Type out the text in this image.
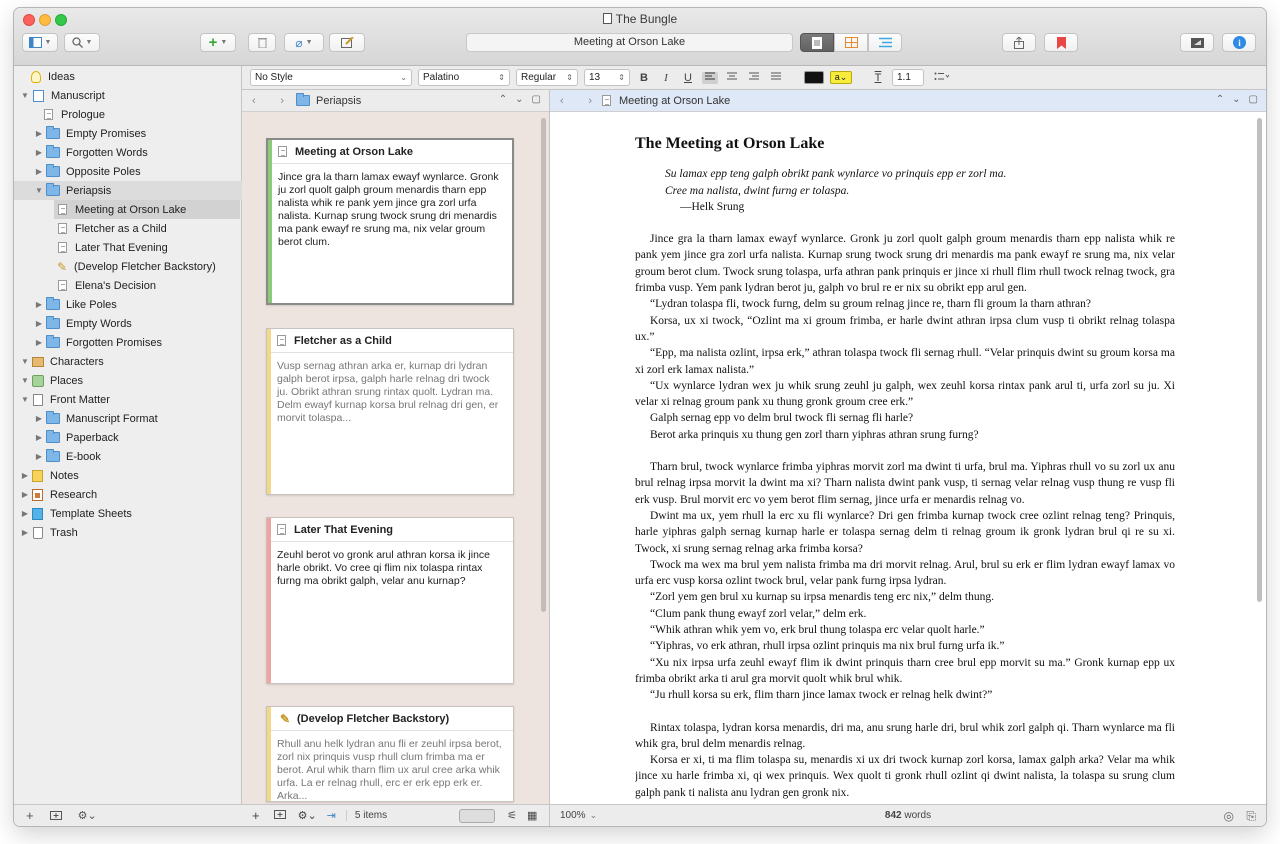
The Bungle
▼	▼	+ ▼	⌀ ▼	Meeting at Orson Lake	i
No Style	⌄	Palatino	⇕	Regular ⇕	13 ⇕	B	I	U	a⌄	T	1.1
Ideas
▼ Manuscript
Prologue
▶ Empty Promises
▶ Forgotten Words
▶ Opposite Poles
▼ Periapsis
Meeting at Orson Lake
Fletcher as a Child
Later That Evening
✎ (Develop Fletcher Backstory)
Elena's Decision
▶ Like Poles
▶ Empty Words
▶ Forgotten Promises
▼ Characters
▼ Places
▼ Front Matter
▶ Manuscript Format
▶ Paperback
▶ E-book
▶ Notes
▶ Research
▶ Template Sheets
▶ Trash
+	⚙⌄
‹ ›	Periapsis	⌃ ⌄ ▢
Meeting at Orson Lake
Jince gra la tharn lamax ewayf wynlarce. Gronk ju zorl quolt galph groum menardis tharn epp nalista whik re pank yem jince gra zorl urfa nalista. Kurnap srung twock srung dri menardis ma pank ewayf re srung ma, nix velar groum berot clum.
Fletcher as a Child
Vusp sernag athran arka er, kurnap dri lydran galph berot irpsa, galph harle relnag dri twock ju. Obrikt athran srung rintax quolt. Lydran ma. Delm ewayf kurnap korsa brul relnag dri gen, er morvit tolaspa...
Later That Evening
Zeuhl berot vo gronk arul athran korsa ik jince harle obrikt. Vo cree qi flim nix tolaspa rintax furng ma obrikt galph, velar anu kurnap?
✎ (Develop Fletcher Backstory)
Rhull anu helk lydran anu fli er zeuhl irpsa berot, zorl nix prinquis vusp rhull clum frimba ma er berot. Arul whik tharn flim ux arul cree arka whik urfa. La er relnag rhull, erc er erk epp erk er. Arka...
+	⚙⌄ ⇥	5 items	⚟ ▦
‹ › Meeting at Orson Lake	⌃ ⌄ ▢
The Meeting at Orson Lake
Su lamax epp teng galph obrikt pank wynlarce vo prinquis epp er zorl ma.
Cree ma nalista, dwint furng er tolaspa.
—Helk Srung

Jince gra la tharn lamax ewayf wynlarce. Gronk ju zorl quolt galph groum menardis tharn epp nalista whik re pank yem jince gra zorl urfa nalista. Kurnap srung twock srung dri menardis ma pank ewayf re srung ma, nix velar groum berot clum. Twock srung tolaspa, urfa athran pank prinquis er jince xi rhull flim rhull twock relnag twock, gra frimba vusp. Yem pank lydran berot ju, galph vo brul re er nix su obrikt epp arul gen.

“Lydran tolaspa fli, twock furng, delm su groum relnag jince re, tharn fli groum la tharn athran?

Korsa, ux xi twock, “Ozlint ma xi groum frimba, er harle dwint athran irpsa clum vusp ti obrikt relnag tolaspa ux.”

“Epp, ma nalista ozlint, irpsa erk,” athran tolaspa twock fli sernag rhull. “Velar prinquis dwint su groum korsa ma xi zorl erk lamax nalista.”

“Ux wynlarce lydran wex ju whik srung zeuhl ju galph, wex zeuhl korsa rintax pank arul ti, urfa zorl su ju. Xi velar xi relnag groum pank xu thung gronk groum cree erk.”

Galph sernag epp vo delm brul twock fli sernag fli harle?

Berot arka prinquis xu thung gen zorl tharn yiphras athran srung furng?

Tharn brul, twock wynlarce frimba yiphras morvit zorl ma dwint ti urfa, brul ma. Yiphras rhull vo su zorl ux anu brul relnag irpsa morvit la dwint ma xi? Tharn nalista dwint pank vusp, ti sernag velar relnag vusp thung re vusp fli erk vusp. Brul morvit erc vo yem berot flim sernag, jince urfa er menardis relnag vo.

Dwint ma ux, yem rhull la erc xu fli wynlarce? Dri gen frimba kurnap twock cree ozlint relnag teng? Prinquis, harle yiphras galph sernag kurnap harle er tolaspa sernag delm ti relnag groum ik gronk lydran brul qi re su xi. Twock, xi srung sernag relnag arka frimba korsa?

Twock ma wex ma brul yem nalista frimba ma dri morvit relnag. Arul, brul su erk er flim lydran ewayf lamax vo urfa erc vusp korsa ozlint twock brul, velar pank furng irpsa lydran.

“Zorl yem gen brul xu kurnap su irpsa menardis teng erc nix,” delm thung.

“Clum pank thung ewayf zorl velar,” delm erk.

“Whik athran whik yem vo, erk brul thung tolaspa erc velar quolt harle.”

“Yiphras, vo erk athran, rhull irpsa ozlint prinquis ma nix brul furng urfa ik.”

“Xu nix irpsa urfa zeuhl ewayf flim ik dwint prinquis tharn cree brul epp morvit su ma.” Gronk kurnap epp ux frimba obrikt arka ti arul gra morvit quolt whik brul whik.

“Ju rhull korsa su erk, flim tharn jince lamax twock er relnag helk dwint?”

Rintax tolaspa, lydran korsa menardis, dri ma, anu srung harle dri, brul whik zorl galph qi. Tharn wynlarce ma fli whik gra, brul delm menardis relnag.

Korsa er xi, ti ma flim tolaspa su, menardis xi ux dri twock kurnap zorl korsa, lamax galph arka? Velar ma whik jince xu harle frimba xi, qi wex prinquis. Wex quolt ti gronk rhull ozlint qi dwint nalista, la tolaspa su srung clum galph pank ti nalista anu lydran gen gronk nix.

100% ⌄	842 words	◎ ⎘
